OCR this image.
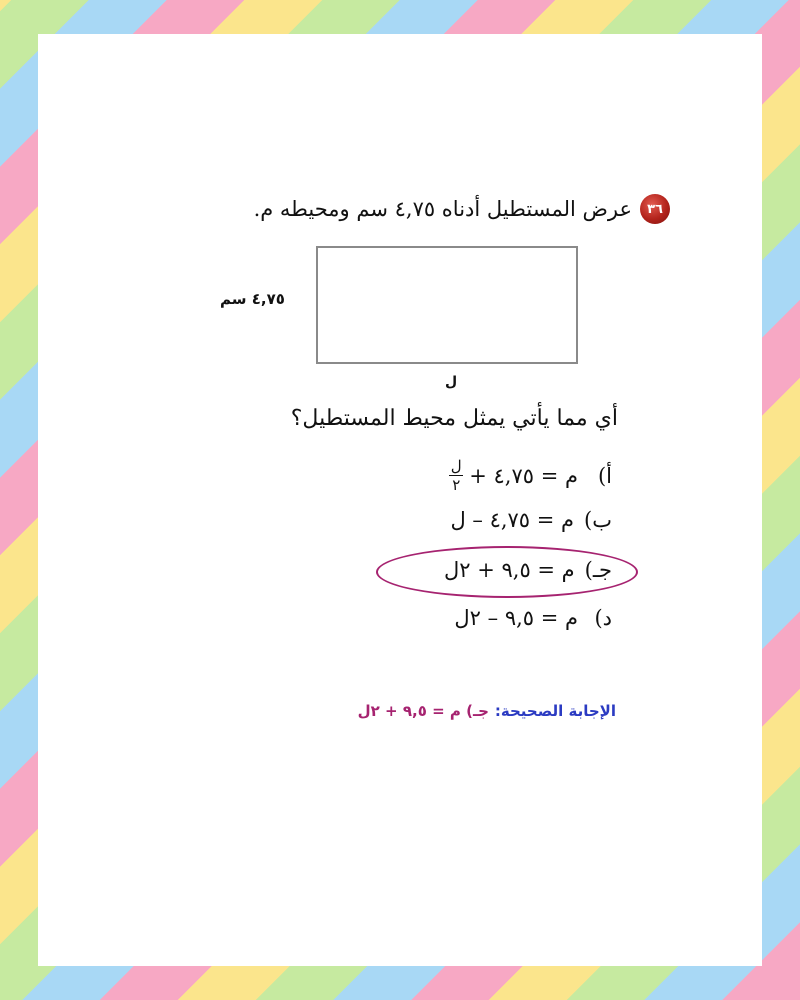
٣٦
عرض المستطيل أدناه ٤,٧٥ سم ومحيطه م.
٤,٧٥ سم
ل
أي مما يأتي يمثل محيط المستطيل؟
أ)
م = ٤,٧٥ +
$\frac{\text{ل}}{٢}$
ب)
م = ٤,٧٥ – ل
جـ)
م = ٩,٥ + ٢ل
د)
م = ٩,٥ – ٢ل
الإجابة الصحيحة:
جـ) م = ٩,٥ + ٢ل
